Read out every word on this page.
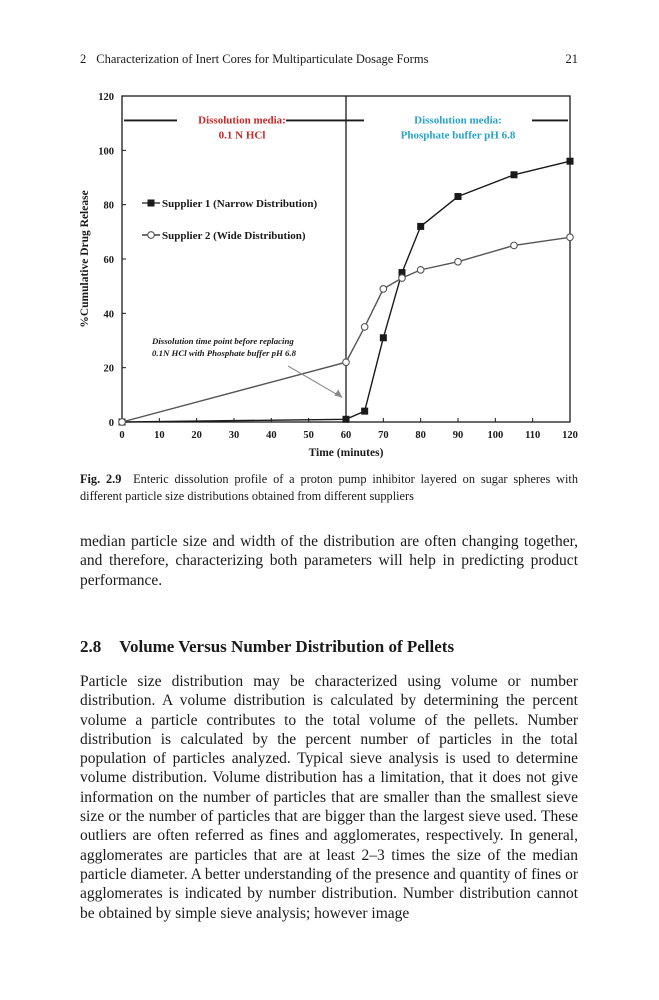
2 Characterization of Inert Cores for Multiparticulate Dosage Forms	21
Time (minutes)
%Cumulative Drug Release
0	10	20	30	40	50	60	70	80	90 100 110 120
0
20
40
60
80
100
120
Dissolution media:
0.1 N HCl
Dissolution media:
Phosphate buffer pH 6.8
Supplier 1 (Narrow Distribution)
Supplier 2 (Wide Distribution)
Dissolution time point before replacing
0.1N HCl with Phosphate buffer pH 6.8
Fig. 2.9 Enteric dissolution profile of a proton pump inhibitor layered on sugar spheres with different particle size distributions obtained from different suppliers

median particle size and width of the distribution are often changing together, and therefore, characterizing both parameters will help in predicting product performance.

2.8 Volume Versus Number Distribution of Pellets

Particle size distribution may be characterized using volume or number distribution. A volume distribution is calculated by determining the percent volume a particle contributes to the total volume of the pellets. Number distribution is calculated by the percent number of particles in the total population of particles analyzed. Typical sieve analysis is used to determine volume distribution. Volume distribution has a limitation, that it does not give information on the number of particles that are smaller than the smallest sieve size or the number of particles that are bigger than the largest sieve used. These outliers are often referred as fines and agglomerates, respectively. In general, agglomerates are particles that are at least 2–3 times the size of the median particle diameter. A better understanding of the presence and quantity of fines or agglomerates is indicated by number distribution. Number distribution cannot be obtained by simple sieve analysis; however image
